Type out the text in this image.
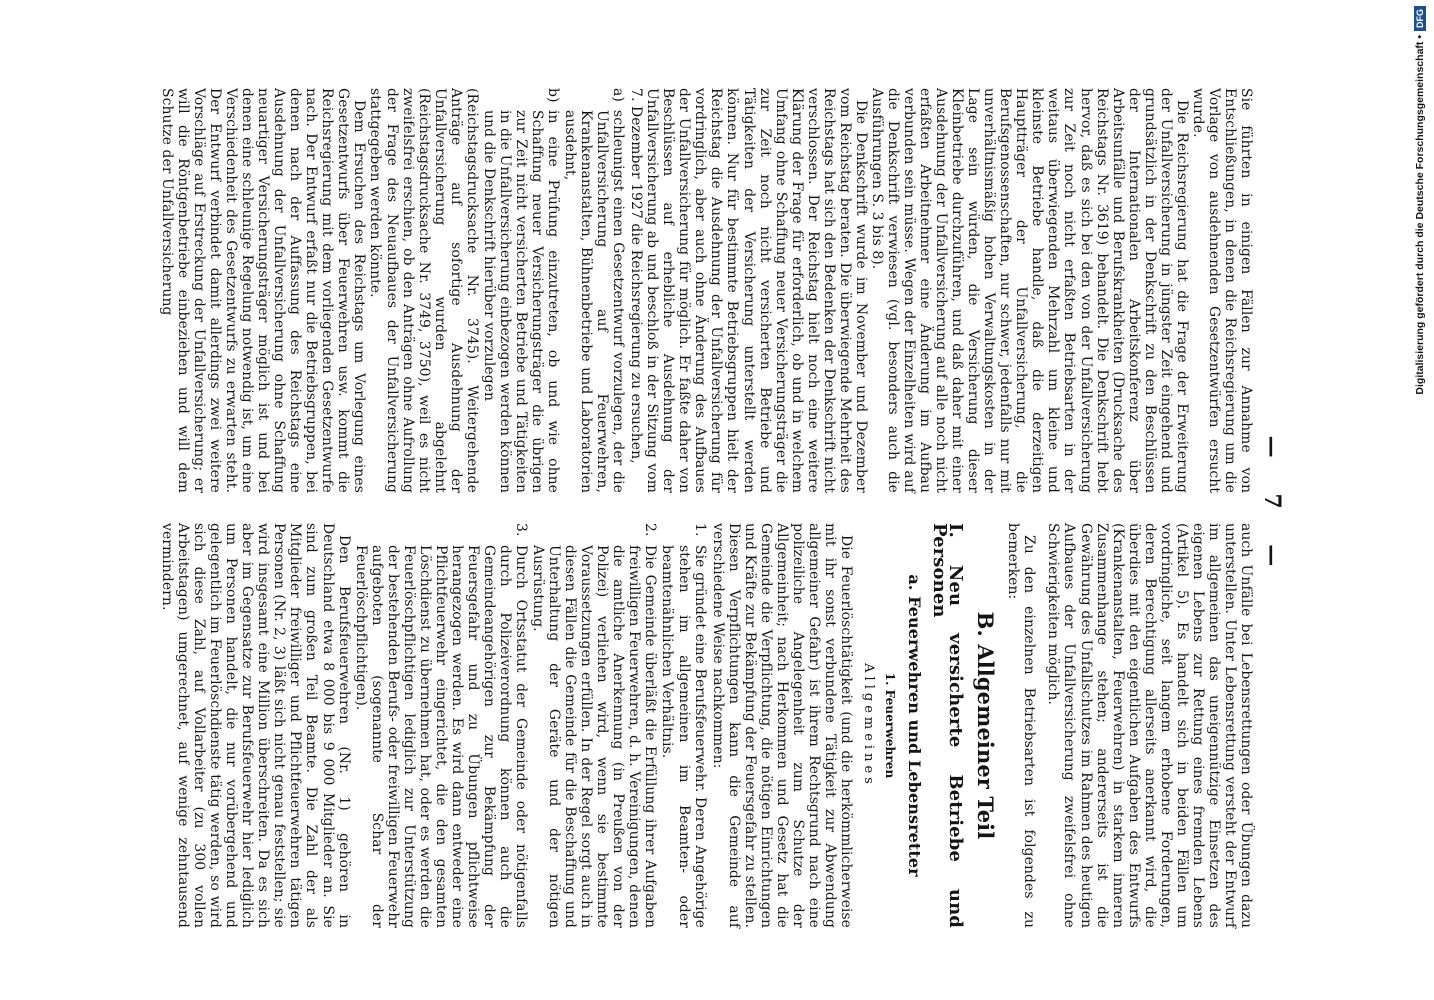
— 7 —

Sie führten in einigen Fällen zur Annahme von Entschließungen, in denen die Reichsregierung um die Vorlage von ausdehnenden Gesetzentwürfen ersucht wurde.

Die Reichsregierung hat die Frage der Erweiterung der Unfallversicherung in jüngster Zeit eingehend und grundsätzlich in der Denkschrift zu den Beschlüssen der Internationalen Arbeitskonferenz über Arbeitsunfälle und Berufskrankheiten (Drucksache des Reichstags Nr. 3619) behandelt. Die Denkschrift hebt hervor, daß es sich bei den von der Unfallversicherung zur Zeit noch nicht erfaßten Betriebsarten in der weitaus überwiegenden Mehrzahl um kleine und kleinste Betriebe handle, daß die derzeitigen Hauptträger der Unfallversicherung, die Berufsgenossenschaften, nur schwer, jedenfalls nur mit unverhältnismäßig hohen Verwaltungskosten in der Lage sein würden, die Versicherung dieser Kleinbetriebe durchzuführen, und daß daher mit einer Ausdehnung der Unfallversicherung auf alle noch nicht erfaßten Arbeitnehmer eine Änderung im Aufbau verbunden sein müsse. Wegen der Einzelheiten wird auf die Denkschrift verwiesen (vgl. besonders auch die Ausführungen S. 3 bis 8).

Die Denkschrift wurde im November und Dezember vom Reichstag beraten. Die überwiegende Mehrheit des Reichstags hat sich den Bedenken der Denkschrift nicht verschlossen. Der Reichstag hielt noch eine weitere Klärung der Frage für erforderlich, ob und in welchem Umfang ohne Schaffung neuer Versicherungsträger die zur Zeit noch nicht versicherten Betriebe und Tätigkeiten der Versicherung unterstellt werden können. Nur für bestimmte Betriebsgruppen hielt der Reichstag die Ausdehnung der Unfallversicherung für vordringlich, aber auch ohne Änderung des Aufbaues der Unfallversicherung für möglich. Er faßte daher von Beschlüssen auf erhebliche Ausdehnung der Unfallversicherung ab und beschloß in der Sitzung vom 7. Dezember 1927 die Reichsregierung zu ersuchen,

a)
schleunigst einen Gesetzentwurf vorzulegen, der die Unfallversicherung auf Feuerwehren, Krankenanstalten, Bühnenbetriebe und Laboratorien ausdehnt,
b)
in eine Prüfung einzutreten, ob und wie ohne Schaffung neuer Versicherungsträger die übrigen zur Zeit nicht versicherten Betriebe und Tätigkeiten in die Unfallversicherung einbezogen werden können und die Denkschrift hierüber vorzulegen

(Reichstagsdrucksache Nr. 3745). Weitergehende Anträge auf sofortige Ausdehnung der Unfallversicherung wurden abgelehnt (Reichstagsdrucksache Nr. 3749, 3750), weil es nicht zweifelsfrei erschien, ob den Anträgen ohne Aufrollung der Frage des Neuaufbaues der Unfallversicherung stattgegeben werden könnte.

Dem Ersuchen des Reichstags um Vorlegung eines Gesetzentwurfs über Feuerwehren usw. kommt die Reichsregierung mit dem vorliegenden Gesetzentwurfe nach. Der Entwurf erfaßt nur die Betriebsgruppen, bei denen nach der Auffassung des Reichstags eine Ausdehnung der Unfallversicherung ohne Schaffung neuartiger Versicherungsträger möglich ist und bei denen eine schleunige Regelung notwendig ist, um eine Verschiedenheit des Gesetzentwurfs zu erwarten steht. Der Entwurf verbindet damit allerdings zwei weitere Vorschläge auf Erstreckung der Unfallversicherung; er will die Röntgenbetriebe einbeziehen und will dem Schutze der Unfallversicherung

auch Unfälle bei Lebensrettungen oder Übungen dazu unterstellen. Unter Lebensrettung versteht der Entwurf im allgemeinen das uneigennützige Einsetzen des eigenen Lebens zur Rettung eines fremden Lebens (Artikel 5). Es handelt sich in beiden Fällen um vordringliche, seit langem erhobene Forderungen, deren Berechtigung allerseits anerkannt wird, die überdies mit den eigentlichen Aufgaben des Entwurfs (Krankenanstalten, Feuerwehren) in starkem inneren Zusammenhange stehen; andererseits ist die Gewährung des Unfallschutzes im Rahmen des heutigen Aufbaues der Unfallversicherung zweifelsfrei ohne Schwierigkeiten möglich.

Zu den einzelnen Betriebsarten ist folgendes zu bemerken:

B. Allgemeiner Teil
I. Neu versicherte Betriebe und Personen
a. Feuerwehren und Lebensretter
1. Feuerwehren
Allgemeines

Die Feuerlöschtätigkeit (und die herkömmlicherweise mit ihr sonst verbundene Tätigkeit zur Abwendung allgemeiner Gefahr) ist ihrem Rechtsgrund nach eine polizeiliche Angelegenheit zum Schutze der Allgemeinheit; nach Herkommen und Gesetz hat die Gemeinde die Verpflichtung, die nötigen Einrichtungen und Kräfte zur Bekämpfung der Feuersgefahr zu stellen. Diesen Verpflichtungen kann die Gemeinde auf verschiedene Weise nachkommen:

1.
Sie gründet eine Berufsfeuerwehr. Deren Angehörige stehen im allgemeinen im Beamten- oder beamtenähnlichen Verhältnis.
2.
Die Gemeinde überläßt die Erfüllung ihrer Aufgaben freiwilligen Feuerwehren, d. h. Vereinigungen, denen die amtliche Anerkennung (in Preußen von der Polizei) verliehen wird, wenn sie bestimmte Voraussetzungen erfüllen. In der Regel sorgt auch in diesen Fällen die Gemeinde für die Beschaffung und Unterhaltung der Geräte und der nötigen Ausrüstung.
3.
Durch Ortsstatut der Gemeinde oder nötigenfalls durch Polizeiverordnung können auch die Gemeindeangehörigen zur Bekämpfung der Feuersgefahr und zu Übungen pflichtweise herangezogen werden. Es wird dann entweder eine Pflichtfeuerwehr eingerichtet, die den gesamten Löschdienst zu übernehmen hat, oder es werden die Feuerlöschpflichtigen lediglich zur Unterstützung der bestehenden Berufs- oder freiwilligen Feuerwehr aufgeboten (sogenannte Schar der Feuerlöschpflichtigen).

Den Berufsfeuerwehren (Nr. 1) gehören in Deutschland etwa 8 000 bis 9 000 Mitglieder an. Sie sind zum großen Teil Beamte. Die Zahl der als Mitglieder freiwilliger und Pflichtfeuerwehren tätigen Personen (Nr. 2, 3) läßt sich nicht genau feststellen; sie wird insgesamt eine Million überschreiten. Da es sich aber im Gegensatze zur Berufsfeuerwehr hier lediglich um Personen handelt, die nur vorübergehend und gelegentlich im Feuerlöschdienste tätig werden, so wird sich diese Zahl, auf Vollarbeiter (zu 300 vollen Arbeitstagen) umgerechnet, auf wenige zehntausend vermindern.

Digitalisierung gefördert durch die Deutsche Forschungsgemeinschaft •
DFG
